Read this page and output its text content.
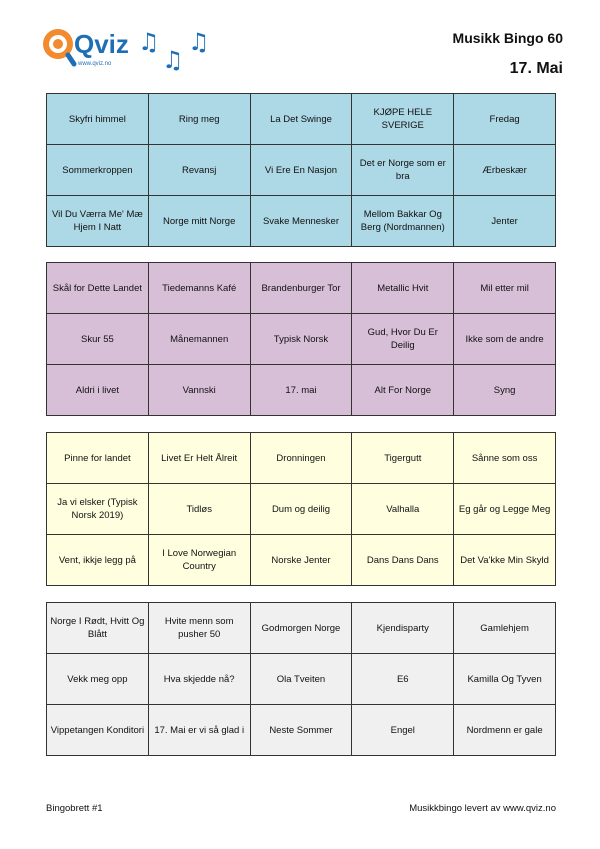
Qviz
www.qviz.no
♫
♫
♫	Musikk Bingo 60
17. Mai
Skyfri himmel	Ring meg	La Det Swinge	KJØPE HELE SVERIGE	Fredag
Sommerkroppen	Revansj	Vi Ere En Nasjon	Det er Norge som er bra	Ærbeskær
Vil Du Værra Me' Mæ Hjem I Natt	Norge mitt Norge	Svake Mennesker	Mellom Bakkar Og Berg (Nordmannen)	Jenter
Skål for Dette Landet	Tiedemanns Kafé	Brandenburger Tor	Metallic Hvit	Mil etter mil
Skur 55	Månemannen	Typisk Norsk	Gud, Hvor Du Er Deilig	Ikke som de andre
Aldri i livet	Vannski	17. mai	Alt For Norge	Syng
Pinne for landet	Livet Er Helt Ålreit	Dronningen	Tigergutt	Sånne som oss
Ja vi elsker (Typisk Norsk 2019)	Tidløs	Dum og deilig	Valhalla	Eg går og Legge Meg
Vent, ikkje legg på	I Love Norwegian Country	Norske Jenter	Dans Dans Dans	Det Va'kke Min Skyld
Norge I Rødt, Hvitt Og Blått	Hvite menn som pusher 50	Godmorgen Norge	Kjendisparty	Gamlehjem
Vekk meg opp	Hva skjedde nå?	Ola Tveiten	E6	Kamilla Og Tyven
Vippetangen Konditori	17. Mai er vi så glad i	Neste Sommer	Engel	Nordmenn er gale
Bingobrett #1	Musikkbingo levert av www.qviz.no
